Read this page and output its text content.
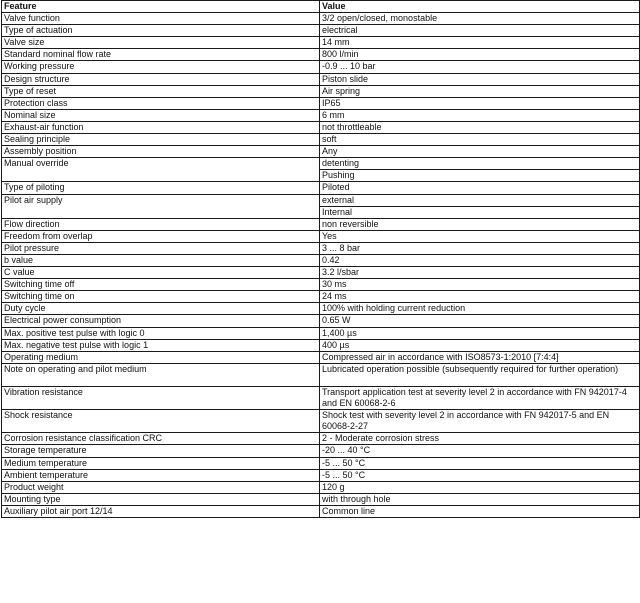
Feature	Value
Valve function	3/2 open/closed, monostable

Type of actuation	electrical

Valve size	14 mm

Standard nominal flow rate	800 l/min

Working pressure	-0.9 ... 10 bar

Design structure	Piston slide

Type of reset	Air spring

Protection class	IP65

Nominal size	6 mm

Exhaust-air function	not throttleable

Sealing principle	soft

Assembly position	Any

Manual override	detenting
Pushing

Type of piloting	Piloted

Pilot air supply	external
Internal

Flow direction	non reversible

Freedom from overlap	Yes

Pilot pressure	3 ... 8 bar

b value	0.42

C value	3.2 l/sbar

Switching time off	30 ms

Switching time on	24 ms

Duty cycle	100% with holding current reduction

Electrical power consumption	0.65 W

Max. positive test pulse with logic 0	1,400 µs

Max. negative test pulse with logic 1	400 µs

Operating medium	Compressed air in accordance with ISO8573-1:2010 [7:4:4]

Note on operating and pilot medium	Lubricated operation possible (subsequently required for further operation)

Vibration resistance	Transport application test at severity level 2 in accordance with FN 942017-4 and EN 60068-2-6

Shock resistance	Shock test with severity level 2 in accordance with FN 942017-5 and EN 60068-2-27

Corrosion resistance classification CRC	2 - Moderate corrosion stress

Storage temperature	-20 ... 40 °C

Medium temperature	-5 ... 50 °C

Ambient temperature	-5 ... 50 °C

Product weight	120 g

Mounting type	with through hole

Auxiliary pilot air port 12/14	Common line
